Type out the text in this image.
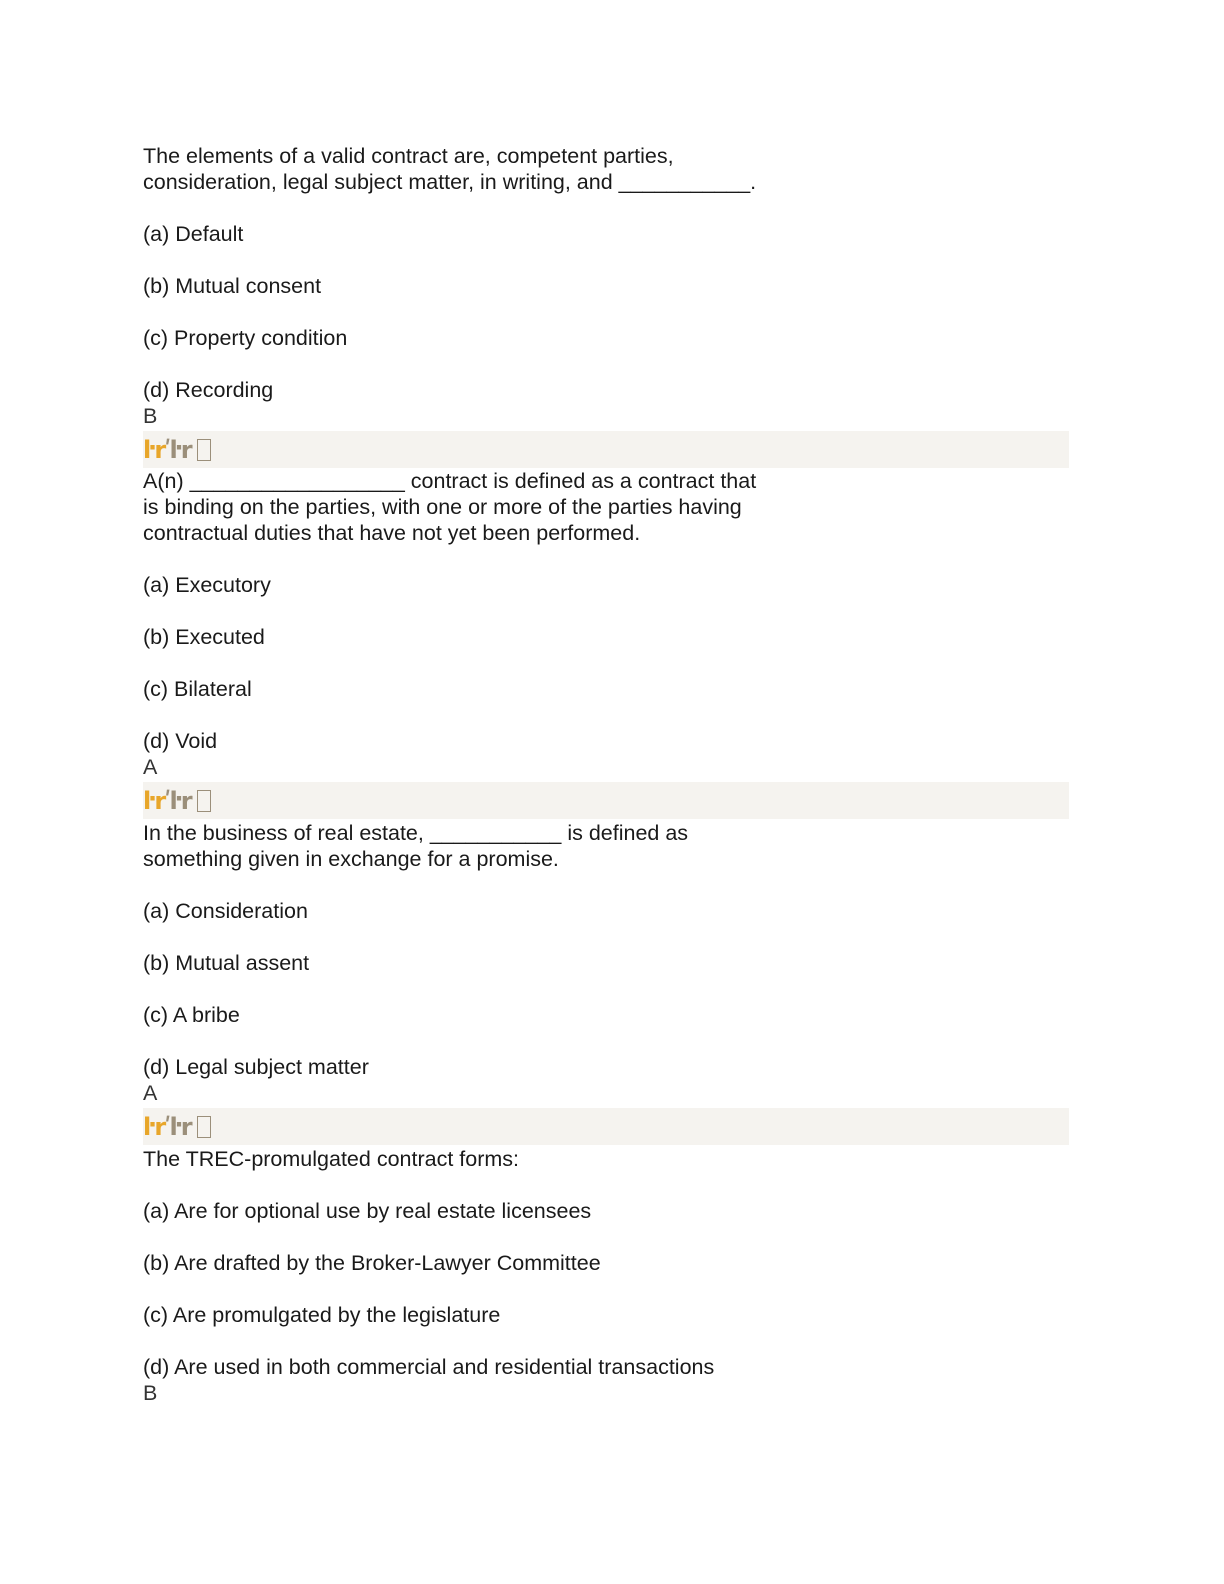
The elements of a valid contract are, competent parties,
consideration, legal subject matter, in writing, and ___________.

(a) Default

(b) Mutual consent

(c) Property condition

(d) Recording

B

ŀr ʹŀr

A(n) __________________ contract is defined as a contract that
is binding on the parties, with one or more of the parties having
contractual duties that have not yet been performed.

(a) Executory

(b) Executed

(c) Bilateral

(d) Void

A

ŀr ʹŀr

In the business of real estate, ___________ is defined as
something given in exchange for a promise.

(a) Consideration

(b) Mutual assent

(c) A bribe

(d) Legal subject matter

A

ŀr ʹŀr

The TREC-promulgated contract forms:

(a) Are for optional use by real estate licensees

(b) Are drafted by the Broker-Lawyer Committee

(c) Are promulgated by the legislature

(d) Are used in both commercial and residential transactions

B
